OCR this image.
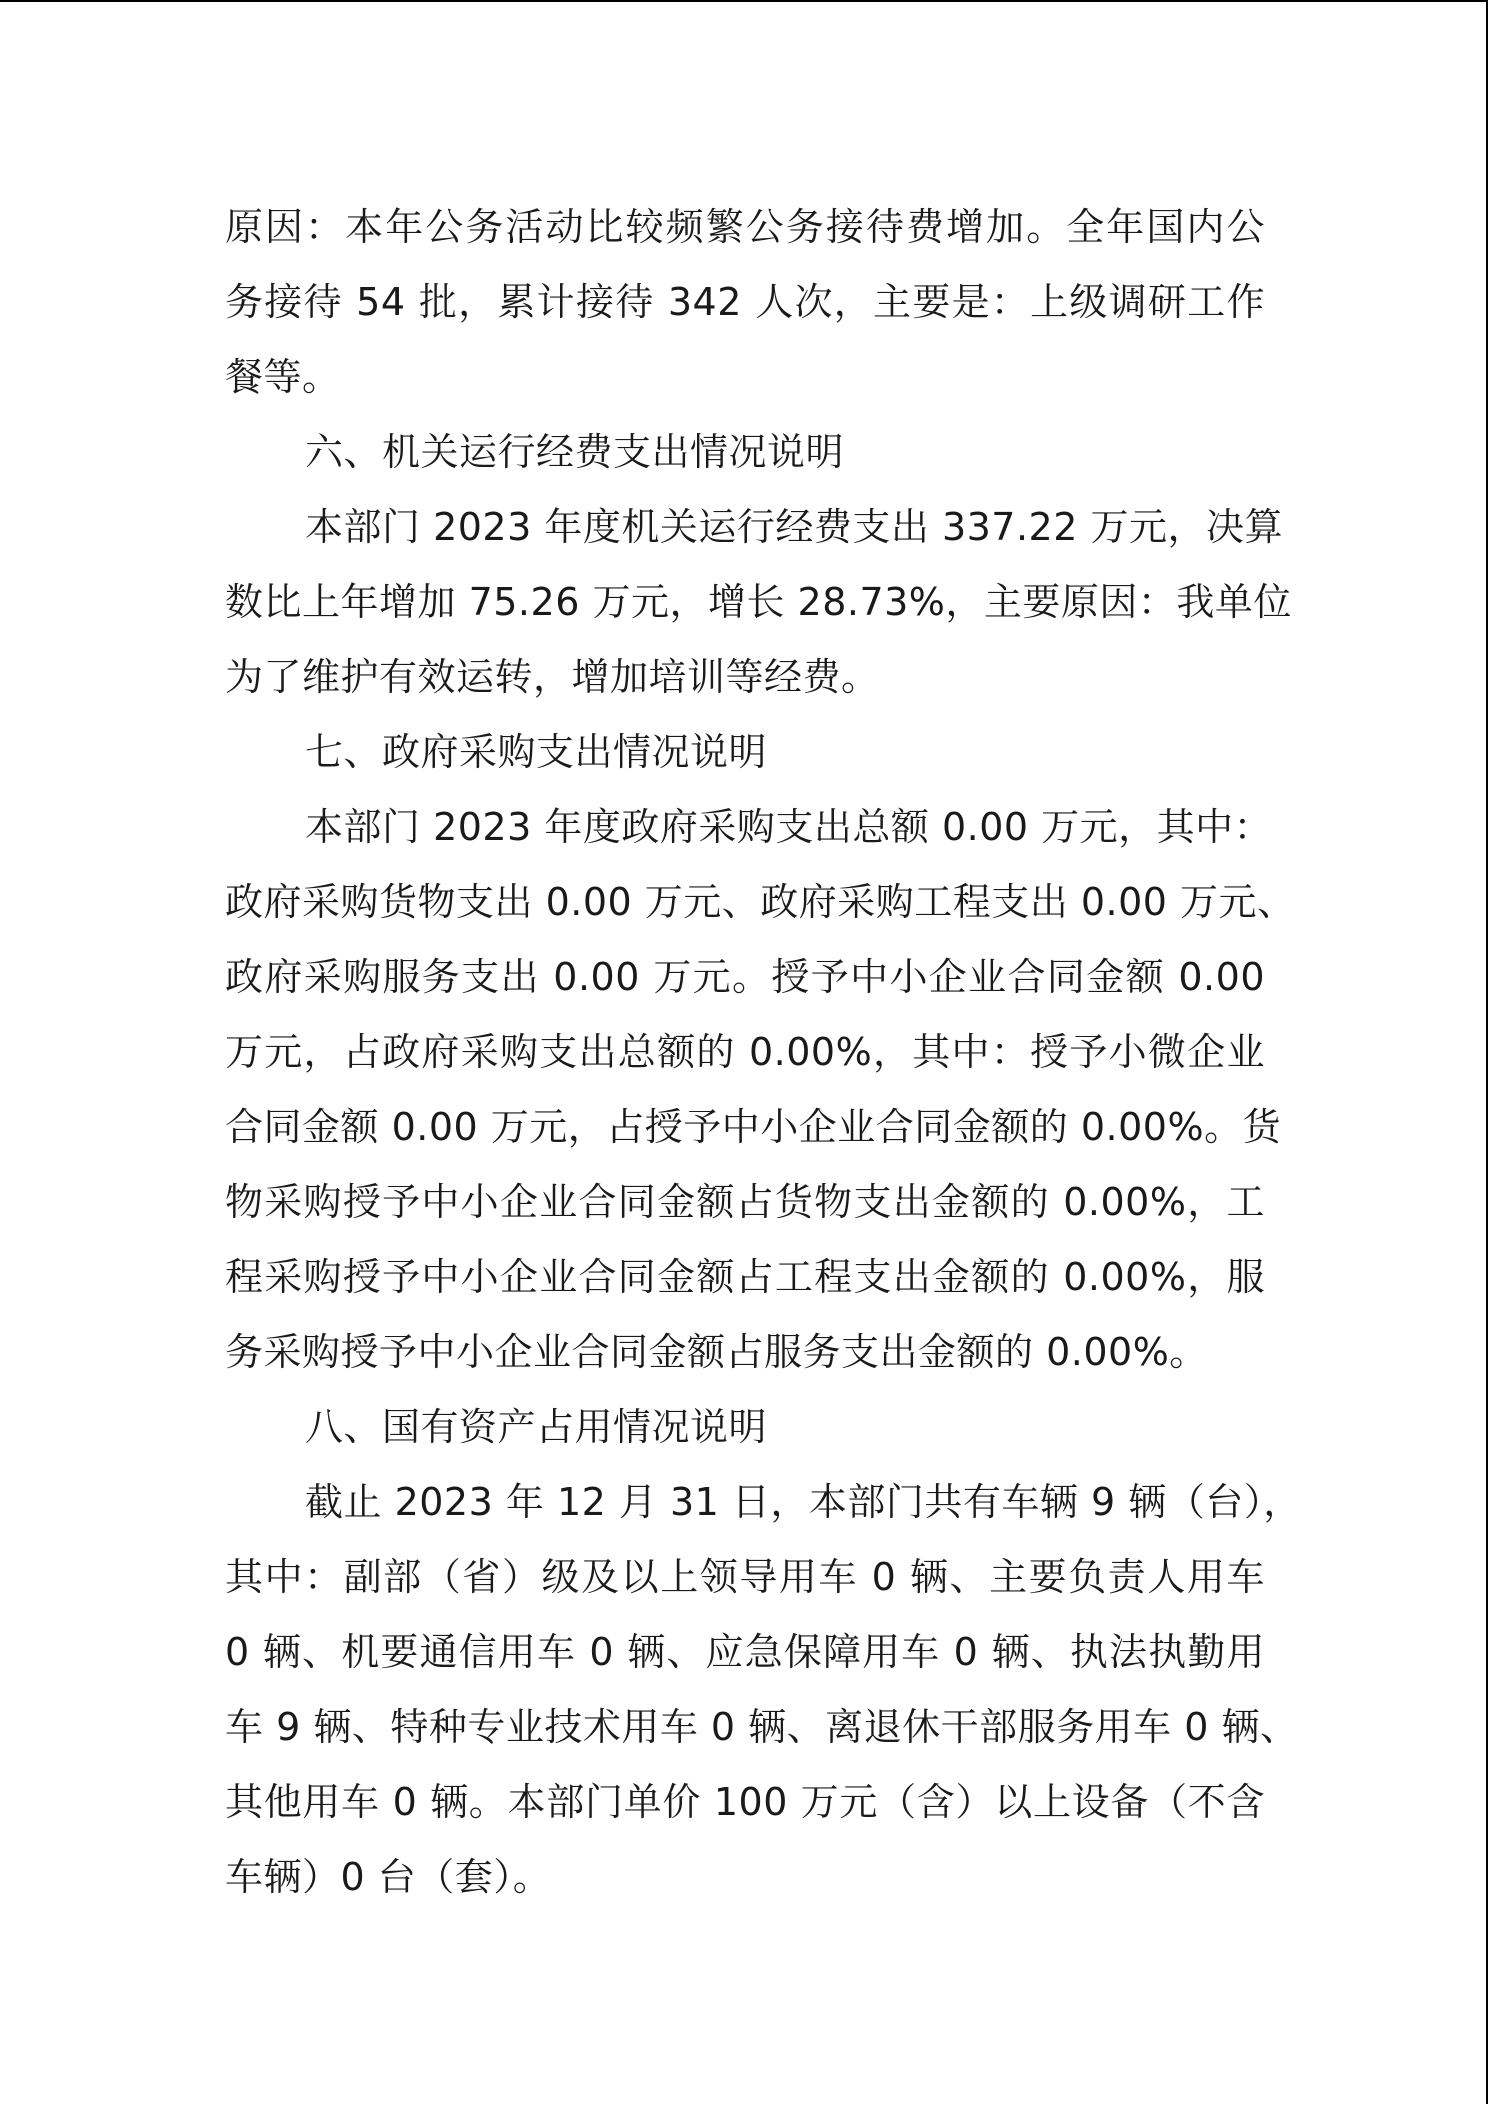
原因：本年公务活动比较频繁公务接待费增加。全年国内公
务接待 54 批，累计接待 342 人次，主要是：上级调研工作
餐等。
六、机关运行经费支出情况说明
本部门 2023 年度机关运行经费支出 337.22 万元，决算
数比上年增加 75.26 万元，增长 28.73%，主要原因：我单位
为了维护有效运转，增加培训等经费。
七、政府采购支出情况说明
本部门 2023 年度政府采购支出总额 0.00 万元，其中：
政府采购货物支出 0.00 万元、政府采购工程支出 0.00 万元、
政府采购服务支出 0.00 万元。授予中小企业合同金额 0.00
万元，占政府采购支出总额的 0.00%，其中：授予小微企业
合同金额 0.00 万元，占授予中小企业合同金额的 0.00%。货
物采购授予中小企业合同金额占货物支出金额的 0.00%，工
程采购授予中小企业合同金额占工程支出金额的 0.00%，服
务采购授予中小企业合同金额占服务支出金额的 0.00%。
八、国有资产占用情况说明
截止 2023 年 12 月 31 日，本部门共有车辆 9 辆（台），
其中：副部（省）级及以上领导用车 0 辆、主要负责人用车
0 辆、机要通信用车 0 辆、应急保障用车 0 辆、执法执勤用
车 9 辆、特种专业技术用车 0 辆、离退休干部服务用车 0 辆、
其他用车 0 辆。本部门单价 100 万元（含）以上设备（不含
车辆）0 台（套）。
